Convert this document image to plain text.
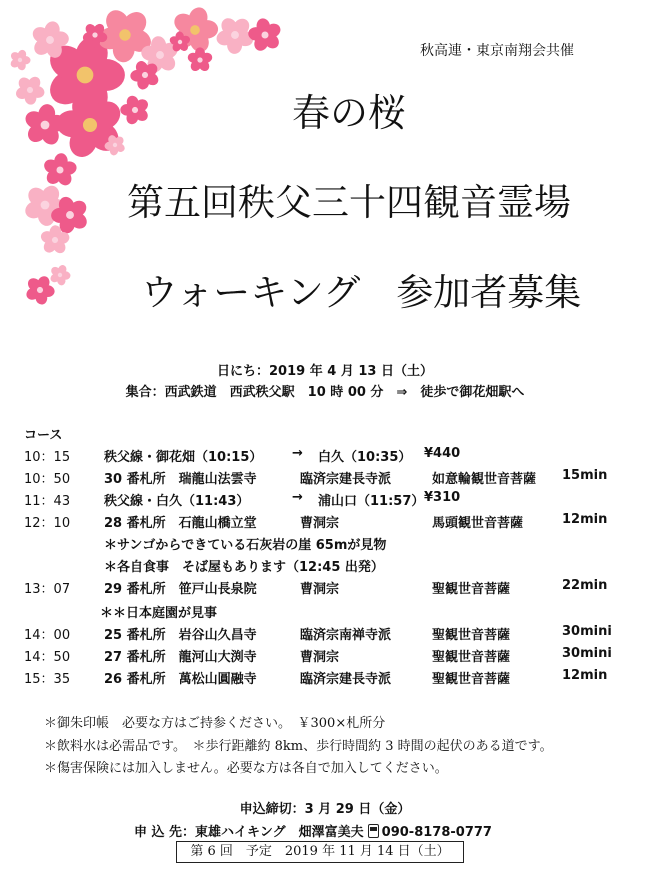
秋高連・東京南翔会共催
春の桜
第五回秩父三十四観音霊場
ウォーキング 参加者募集
日にち：2019 年 4 月 13 日（土）
集合：西武鉄道　西武秩父駅　10 時 00 分　⇒　徒歩で御花畑駅へ
コース
10：15	秩父線・御花畑（10:15） → 白久（10:35） ¥440
10：50	30 番札所　瑞龍山法雲寺	臨済宗建長寺派	如意輪観世音菩薩 15min
11：43	秩父線・白久（11:43）	→ 浦山口（11:57） ¥310
12：10	28 番札所　石龍山橋立堂	曹洞宗	馬頭観世音菩薩	12min
13：07	29 番札所　笹戸山長泉院	曹洞宗	聖観世音菩薩	22min
14：00	25 番札所　岩谷山久昌寺	臨済宗南禅寺派	聖観世音菩薩	30mini
14：50	27 番札所　龍河山大渕寺	曹洞宗	聖観世音菩薩	30mini
15：35	26 番札所　萬松山圓融寺	臨済宗建長寺派	聖観世音菩薩	12min
＊サンゴからできている石灰岩の崖 65mが見物
＊各自食事　そば屋もあります（12:45 出発）
＊＊日本庭園が見事
＊御朱印帳　必要な方はご持参ください。　￥300×札所分
＊飲料水は必需品です。　＊歩行距離約 8km、歩行時間約 3 時間の起伏のある道です。
＊傷害保険には加入しません。必要な方は各自で加入してください。
申込締切：3 月 29 日（金）
申 込 先：東雄ハイキング　畑澤富美夫 090-8178-0777
第 6 回　予定　2019 年 11 月 14 日（土）
